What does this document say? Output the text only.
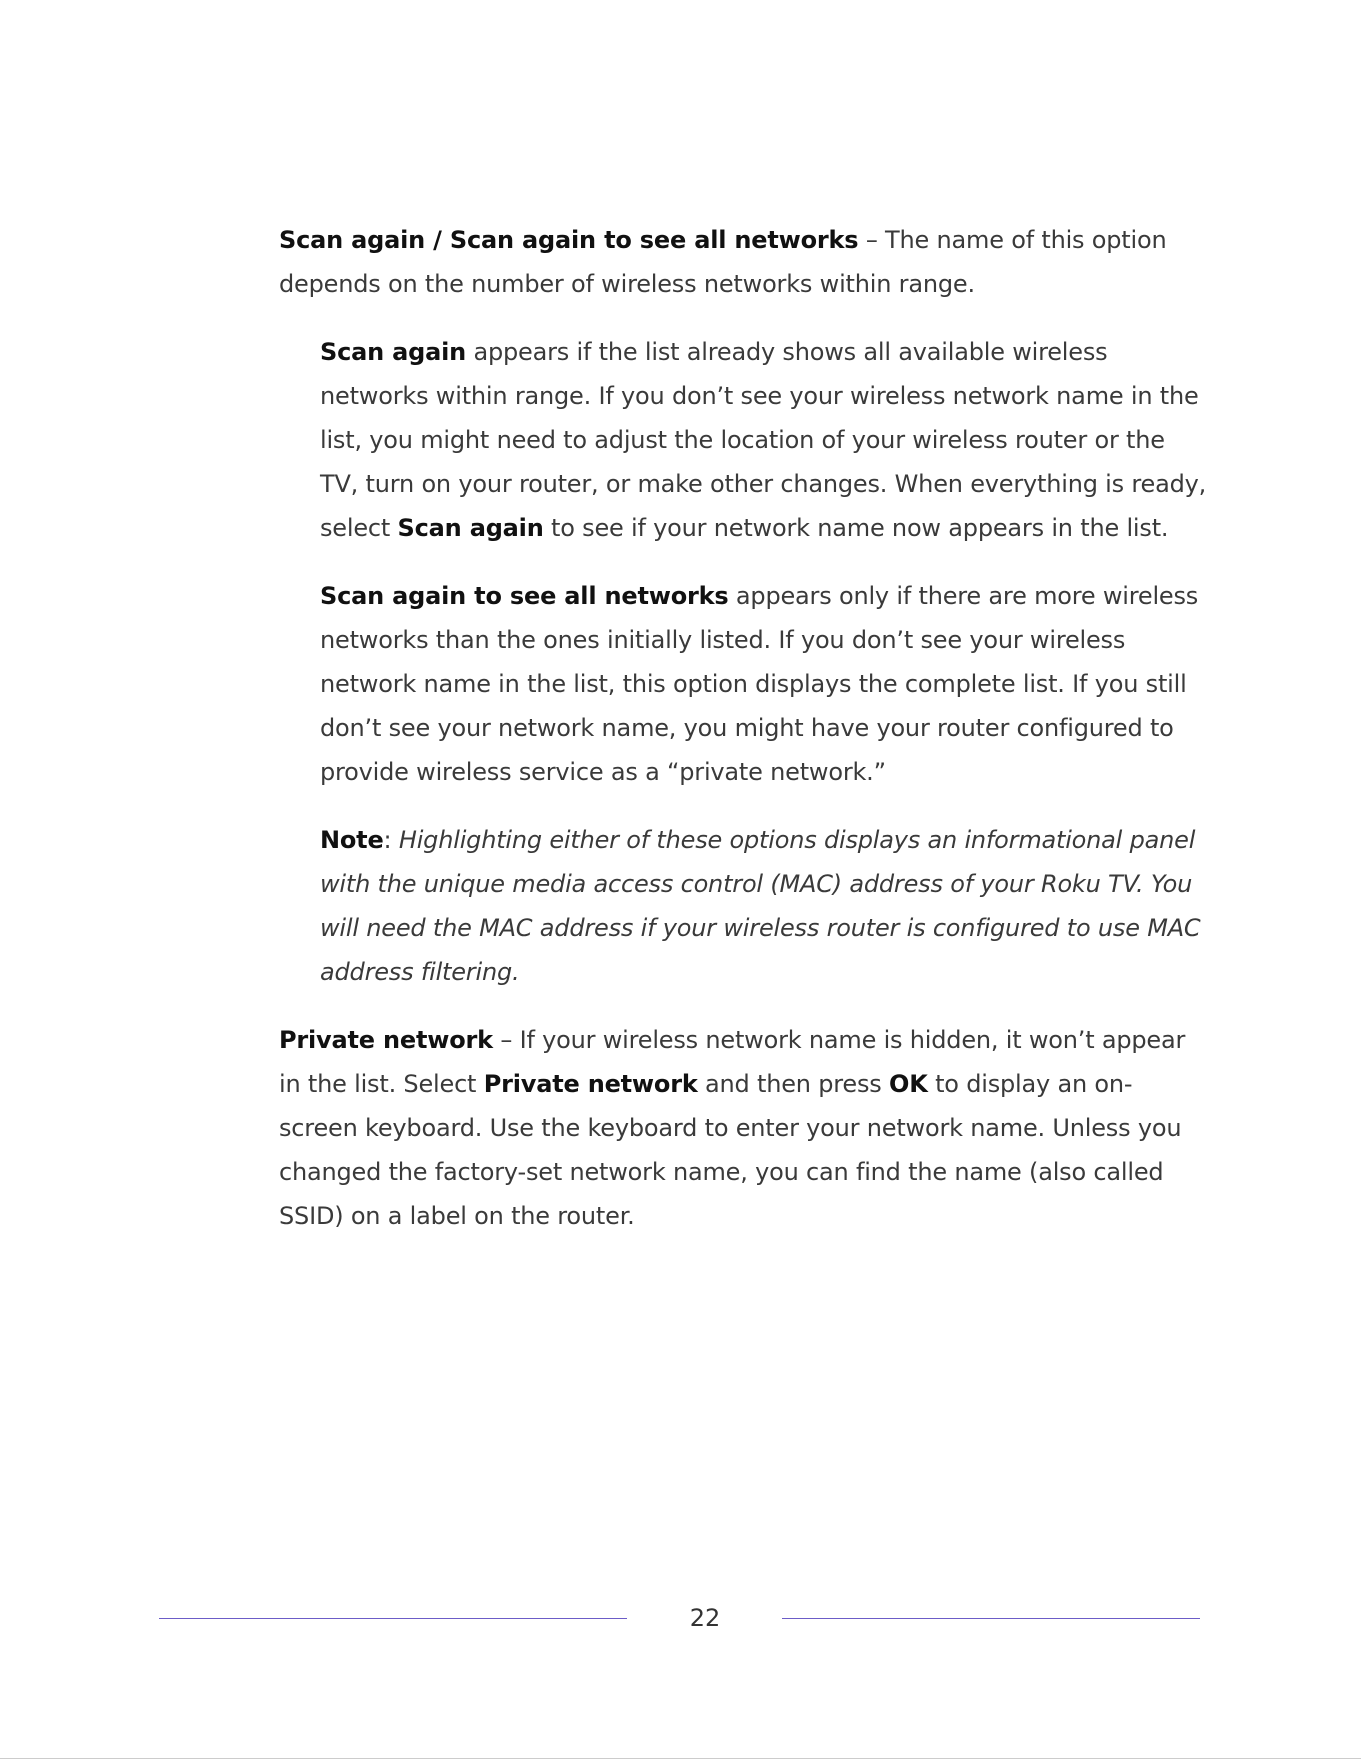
Scan again / Scan again to see all networks – The name of this option depends on the number of wireless networks within range.

Scan again appears if the list already shows all available wireless networks within range. If you don’t see your wireless network name in the list, you might need to adjust the location of your wireless router or the TV, turn on your router, or make other changes. When everything is ready, select Scan again to see if your network name now appears in the list.

Scan again to see all networks appears only if there are more wireless networks than the ones initially listed. If you don’t see your wireless network name in the list, this option displays the complete list. If you still don’t see your network name, you might have your router configured to provide wireless service as a “private network.”

Note: Highlighting either of these options displays an informational panel with the unique media access control (MAC) address of your Roku TV. You will need the MAC address if your wireless router is configured to use MAC address filtering.

Private network – If your wireless network name is hidden, it won’t appear in the list. Select Private network and then press OK to display an on-screen keyboard. Use the keyboard to enter your network name. Unless you changed the factory-set network name, you can find the name (also called SSID) on a label on the router.

22
